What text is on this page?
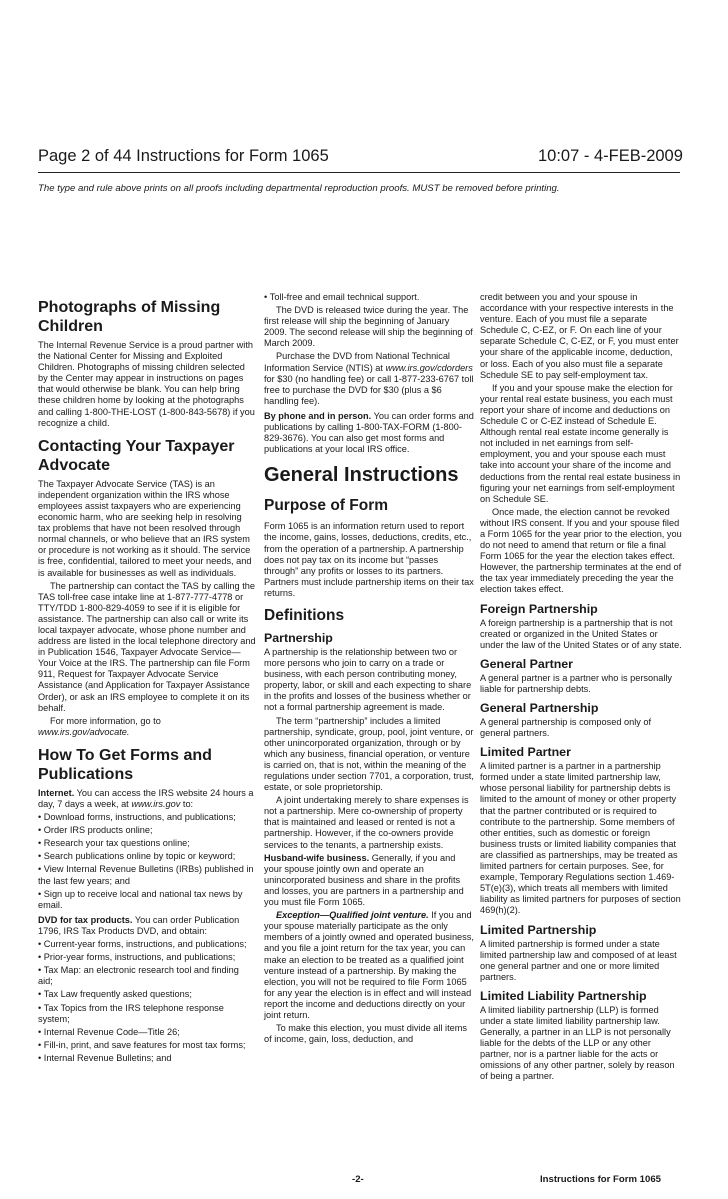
Page 2 of 44 Instructions for Form 1065	10:07 - 4-FEB-2009
The type and rule above prints on all proofs including departmental reproduction proofs. MUST be removed before printing.
Photographs of Missing Children

The Internal Revenue Service is a proud partner with the National Center for Missing and Exploited Children. Photographs of missing children selected by the Center may appear in instructions on pages that would otherwise be blank. You can help bring these children home by looking at the photographs and calling 1-800-THE-LOST (1-800-843-5678) if you recognize a child.

Contacting Your Taxpayer Advocate

The Taxpayer Advocate Service (TAS) is an independent organization within the IRS whose employees assist taxpayers who are experiencing economic harm, who are seeking help in resolving tax problems that have not been resolved through normal channels, or who believe that an IRS system or procedure is not working as it should. The service is free, confidential, tailored to meet your needs, and is available for businesses as well as individuals.

The partnership can contact the TAS by calling the TAS toll-free case intake line at 1-877-777-4778 or TTY/TDD 1-800-829-4059 to see if it is eligible for assistance. The partnership can also call or write its local taxpayer advocate, whose phone number and address are listed in the local telephone directory and in Publication 1546, Taxpayer Advocate Service—Your Voice at the IRS. The partnership can file Form 911, Request for Taxpayer Advocate Service Assistance (and Application for Taxpayer Assistance Order), or ask an IRS employee to complete it on its behalf.

For more information, go to
www.irs.gov/advocate.

How To Get Forms and Publications

Internet. You can access the IRS website 24 hours a day, 7 days a week, at www.irs.gov to:

• Download forms, instructions, and publications;

• Order IRS products online;

• Research your tax questions online;

• Search publications online by topic or keyword;

• View Internal Revenue Bulletins (IRBs) published in the last few years; and

• Sign up to receive local and national tax news by email.

DVD for tax products. You can order Publication 1796, IRS Tax Products DVD, and obtain:

• Current-year forms, instructions, and publications;

• Prior-year forms, instructions, and publications;

• Tax Map: an electronic research tool and finding aid;

• Tax Law frequently asked questions;

• Tax Topics from the IRS telephone response system;

• Internal Revenue Code—Title 26;

• Fill-in, print, and save features for most tax forms;

• Internal Revenue Bulletins; and

• Toll-free and email technical support.

The DVD is released twice during the year. The first release will ship the beginning of January 2009. The second release will ship the beginning of March 2009.

Purchase the DVD from National Technical Information Service (NTIS) at www.irs.gov/cdorders for $30 (no handling fee) or call 1-877-233-6767 toll free to purchase the DVD for $30 (plus a $6 handling fee).

By phone and in person. You can order forms and publications by calling 1-800-TAX-FORM (1-800-829-3676). You can also get most forms and publications at your local IRS office.

General Instructions
Purpose of Form

Form 1065 is an information return used to report the income, gains, losses, deductions, credits, etc., from the operation of a partnership. A partnership does not pay tax on its income but “passes through” any profits or losses to its partners. Partners must include partnership items on their tax returns.

Definitions
Partnership

A partnership is the relationship between two or more persons who join to carry on a trade or business, with each person contributing money, property, labor, or skill and each expecting to share in the profits and losses of the business whether or not a formal partnership agreement is made.

The term “partnership” includes a limited partnership, syndicate, group, pool, joint venture, or other unincorporated organization, through or by which any business, financial operation, or venture is carried on, that is not, within the meaning of the regulations under section 7701, a corporation, trust, estate, or sole proprietorship.

A joint undertaking merely to share expenses is not a partnership. Mere co-ownership of property that is maintained and leased or rented is not a partnership. However, if the co-owners provide services to the tenants, a partnership exists.

Husband-wife business. Generally, if you and your spouse jointly own and operate an unincorporated business and share in the profits and losses, you are partners in a partnership and you must file Form 1065.

Exception—Qualified joint venture. If you and your spouse materially participate as the only members of a jointly owned and operated business, and you file a joint return for the tax year, you can make an election to be treated as a qualified joint venture instead of a partnership. By making the election, you will not be required to file Form 1065 for any year the election is in effect and will instead report the income and deductions directly on your joint return.

To make this election, you must divide all items of income, gain, loss, deduction, and

credit between you and your spouse in accordance with your respective interests in the venture. Each of you must file a separate Schedule C, C-EZ, or F. On each line of your separate Schedule C, C-EZ, or F, you must enter your share of the applicable income, deduction, or loss. Each of you also must file a separate Schedule SE to pay self-employment tax.

If you and your spouse make the election for your rental real estate business, you each must report your share of income and deductions on Schedule C or C-EZ instead of Schedule E. Although rental real estate income generally is not included in net earnings from self-employment, you and your spouse each must take into account your share of the income and deductions from the rental real estate business in figuring your net earnings from self-employment on Schedule SE.

Once made, the election cannot be revoked without IRS consent. If you and your spouse filed a Form 1065 for the year prior to the election, you do not need to amend that return or file a final Form 1065 for the year the election takes effect. However, the partnership terminates at the end of the tax year immediately preceding the year the election takes effect.

Foreign Partnership

A foreign partnership is a partnership that is not created or organized in the United States or under the law of the United States or of any state.

General Partner

A general partner is a partner who is personally liable for partnership debts.

General Partnership

A general partnership is composed only of general partners.

Limited Partner

A limited partner is a partner in a partnership formed under a state limited partnership law, whose personal liability for partnership debts is limited to the amount of money or other property that the partner contributed or is required to contribute to the partnership. Some members of other entities, such as domestic or foreign business trusts or limited liability companies that are classified as partnerships, may be treated as limited partners for certain purposes. See, for example, Temporary Regulations section 1.469-5T(e)(3), which treats all members with limited liability as limited partners for purposes of section 469(h)(2).

Limited Partnership

A limited partnership is formed under a state limited partnership law and composed of at least one general partner and one or more limited partners.

Limited Liability Partnership

A limited liability partnership (LLP) is formed under a state limited liability partnership law. Generally, a partner in an LLP is not personally liable for the debts of the LLP or any other partner, nor is a partner liable for the acts or omissions of any other partner, solely by reason of being a partner.

-2-	Instructions for Form 1065
